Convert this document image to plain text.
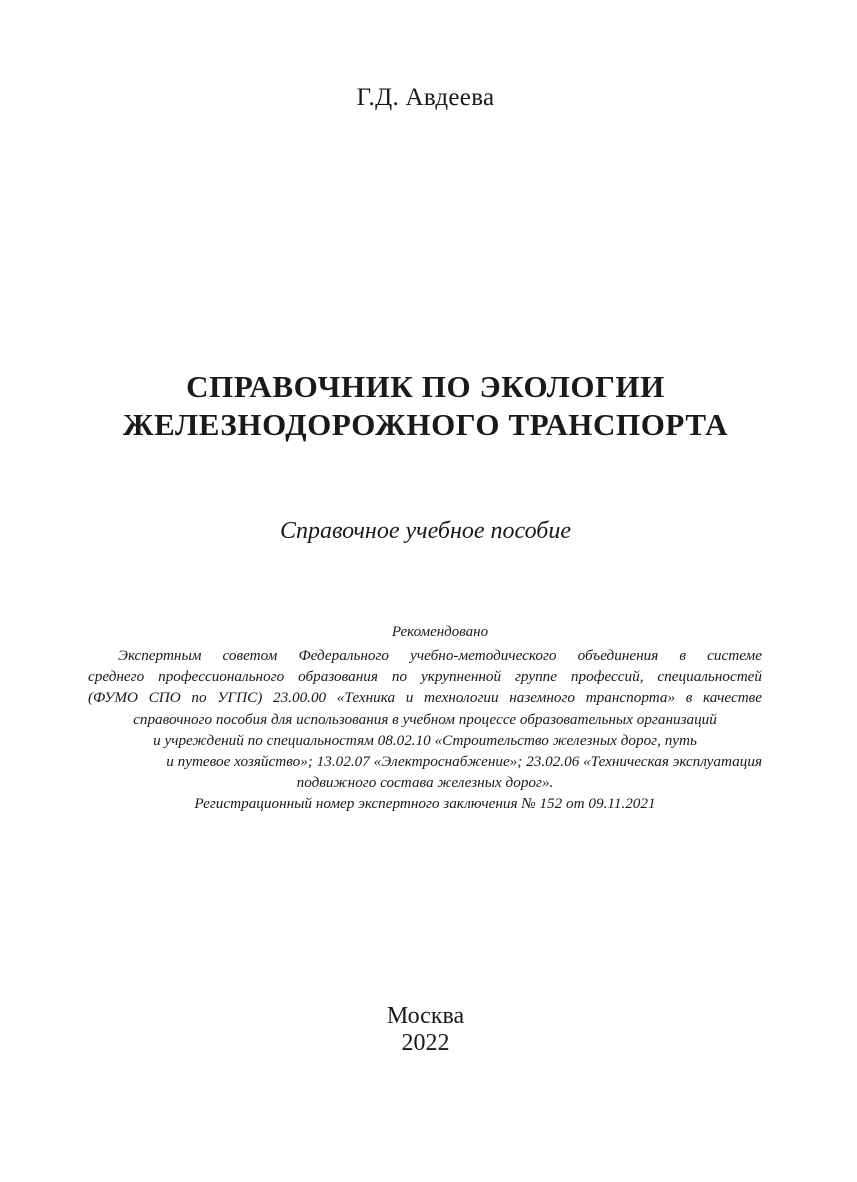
Г.Д. Авдеева
СПРАВОЧНИК ПО ЭКОЛОГИИ
ЖЕЛЕЗНОДОРОЖНОГО ТРАНСПОРТА
Справочное учебное пособие
Рекомендовано
Экспертным советом Федерального учебно-методического объединения в системе
среднего профессионального образования по укрупненной группе профессий, специальностей
(ФУМО СПО по УГПС) 23.00.00 «Техника и технологии наземного транспорта» в качестве
справочного пособия для использования в учебном процессе образовательных организаций
и учреждений по специальностям 08.02.10 «Строительство железных дорог, путь
и путевое хозяйство»; 13.02.07 «Электроснабжение»; 23.02.06 «Техническая эксплуатация
подвижного состава железных дорог».
Регистрационный номер экспертного заключения № 152 от 09.11.2021
Москва
2022
